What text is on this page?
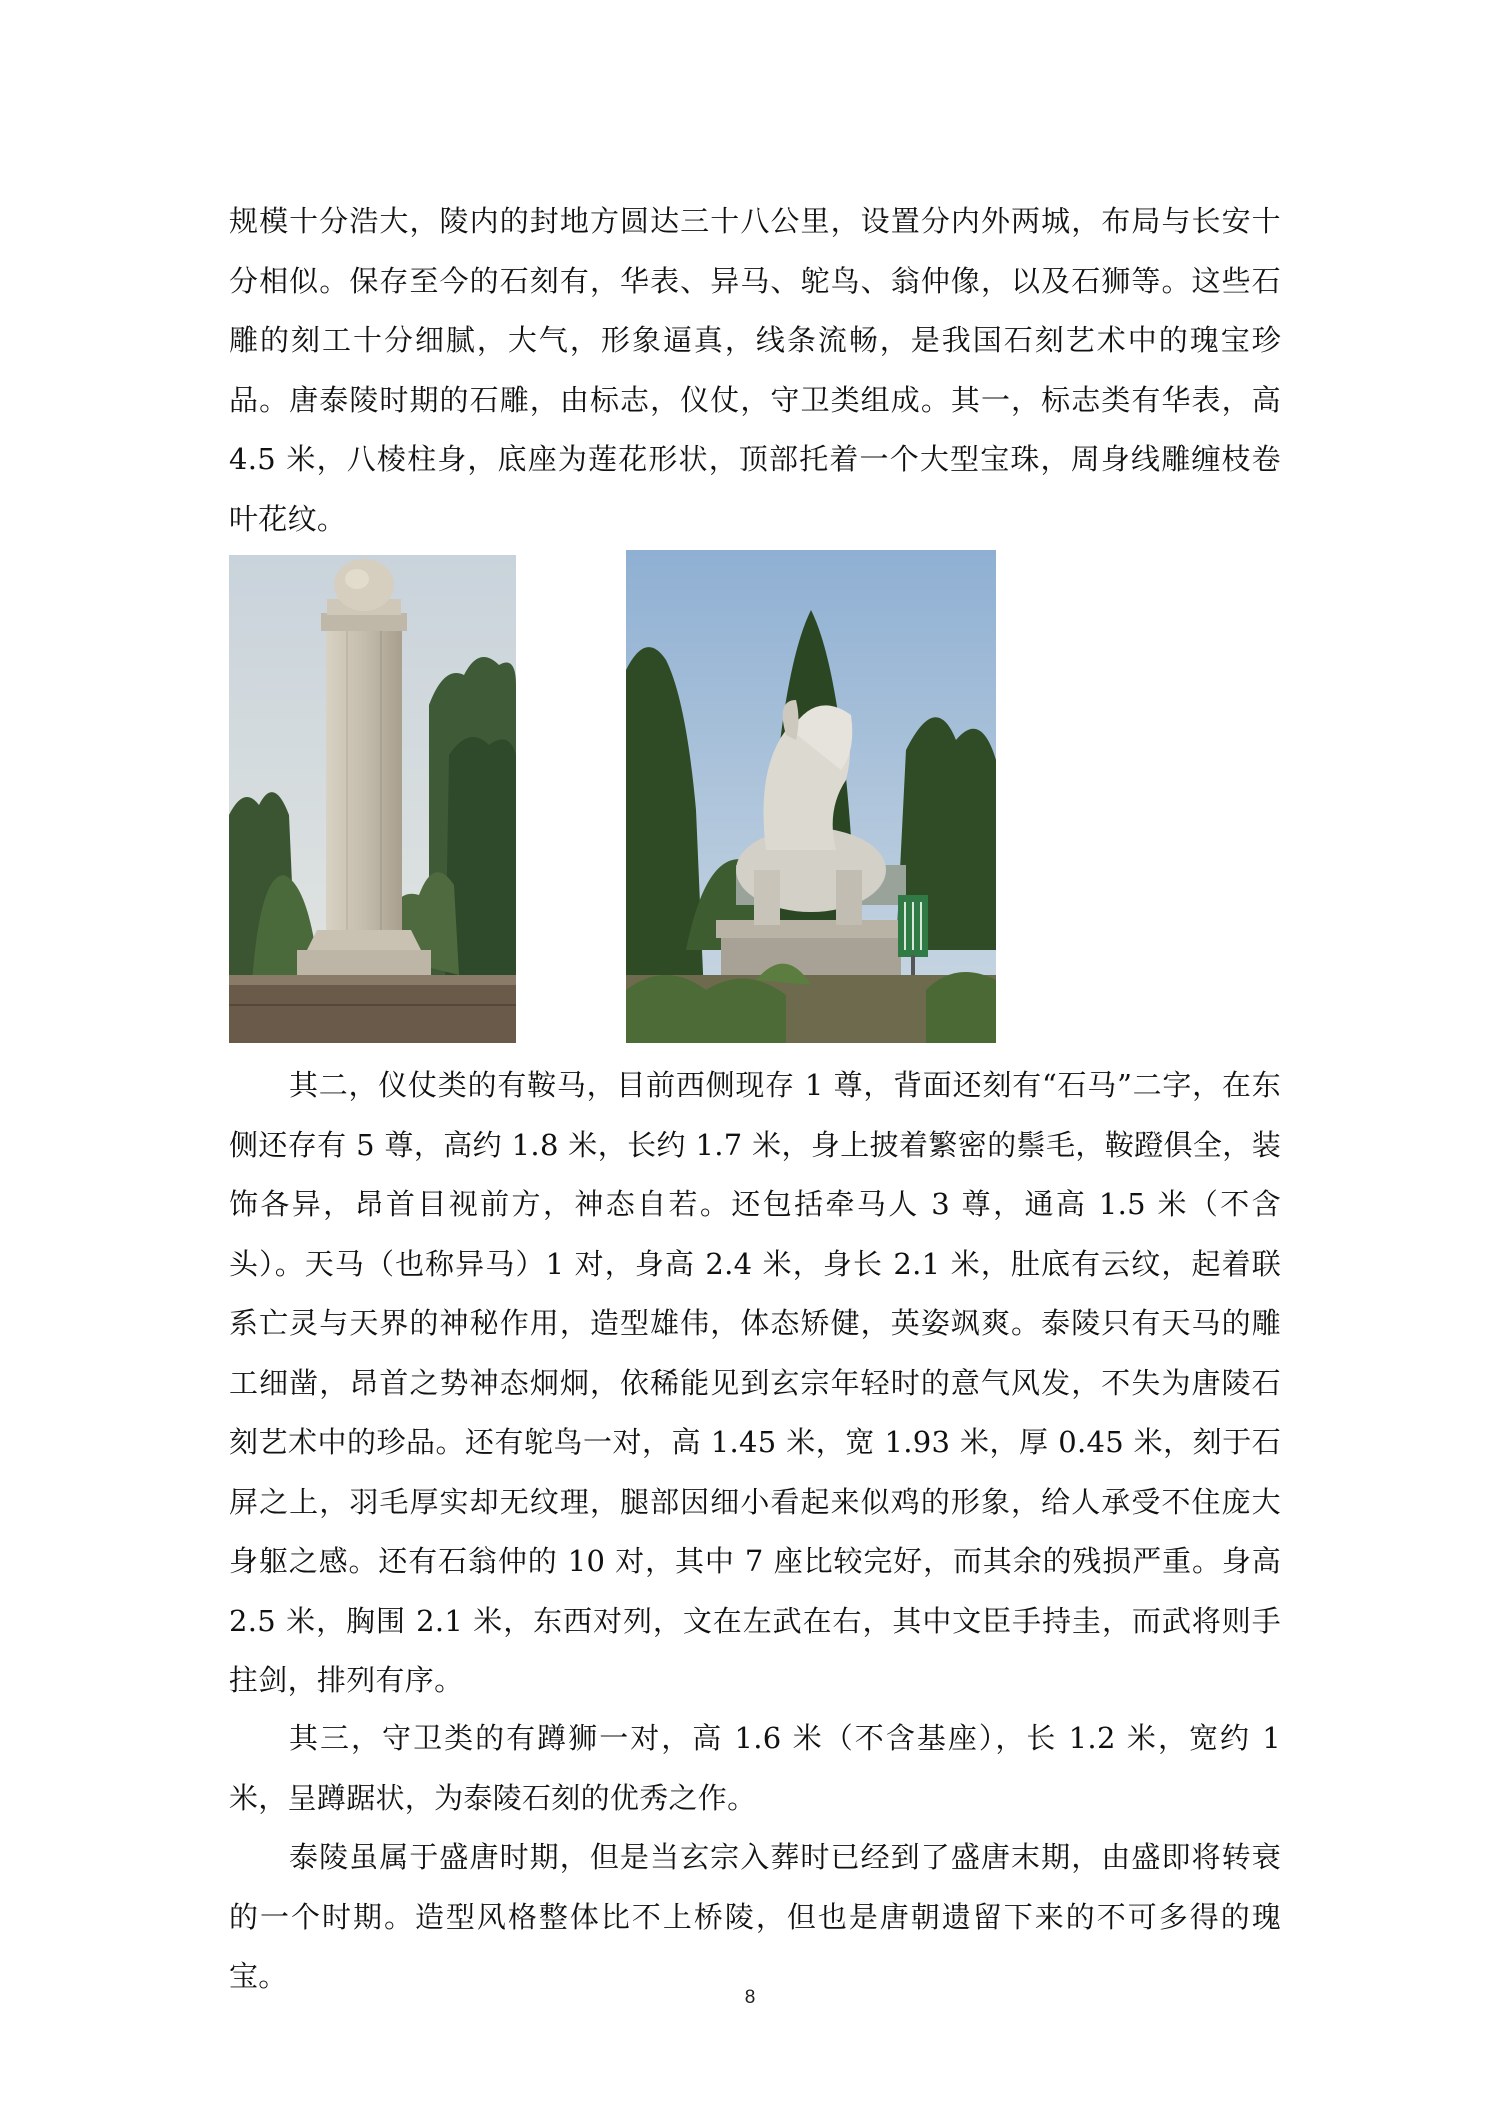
规模十分浩大，陵内的封地方圆达三十八公里，设置分内外两城，布局与长安十分相似。保存至今的石刻有，华表、异马、鸵鸟、翁仲像，以及石狮等。这些石雕的刻工十分细腻，大气，形象逼真，线条流畅，是我国石刻艺术中的瑰宝珍品。唐泰陵时期的石雕，由标志，仪仗，守卫类组成。其一，标志类有华表，高 4.5 米，八棱柱身，底座为莲花形状，顶部托着一个大型宝珠，周身线雕缠枝卷叶花纹。

其二，仪仗类的有鞍马，目前西侧现存 1 尊，背面还刻有“石马”二字，在东侧还存有 5 尊，高约 1.8 米，长约 1.7 米，身上披着繁密的鬃毛，鞍蹬俱全，装饰各异，昂首目视前方，神态自若。还包括牵马人 3 尊，通高 1.5 米（不含头）。天马（也称异马）1 对，身高 2.4 米，身长 2.1 米，肚底有云纹，起着联系亡灵与天界的神秘作用，造型雄伟，体态矫健，英姿飒爽。泰陵只有天马的雕工细凿，昂首之势神态炯炯，依稀能见到玄宗年轻时的意气风发，不失为唐陵石刻艺术中的珍品。还有鸵鸟一对，高 1.45 米，宽 1.93 米，厚 0.45 米，刻于石屏之上，羽毛厚实却无纹理，腿部因细小看起来似鸡的形象，给人承受不住庞大身躯之感。还有石翁仲的 10 对，其中 7 座比较完好，而其余的残损严重。身高 2.5 米，胸围 2.1 米，东西对列，文在左武在右，其中文臣手持圭，而武将则手拄剑，排列有序。

其三，守卫类的有蹲狮一对，高 1.6 米（不含基座），长 1.2 米，宽约 1 米，呈蹲踞状，为泰陵石刻的优秀之作。

泰陵虽属于盛唐时期，但是当玄宗入葬时已经到了盛唐末期，由盛即将转衰的一个时期。造型风格整体比不上桥陵，但也是唐朝遗留下来的不可多得的瑰宝。

8
